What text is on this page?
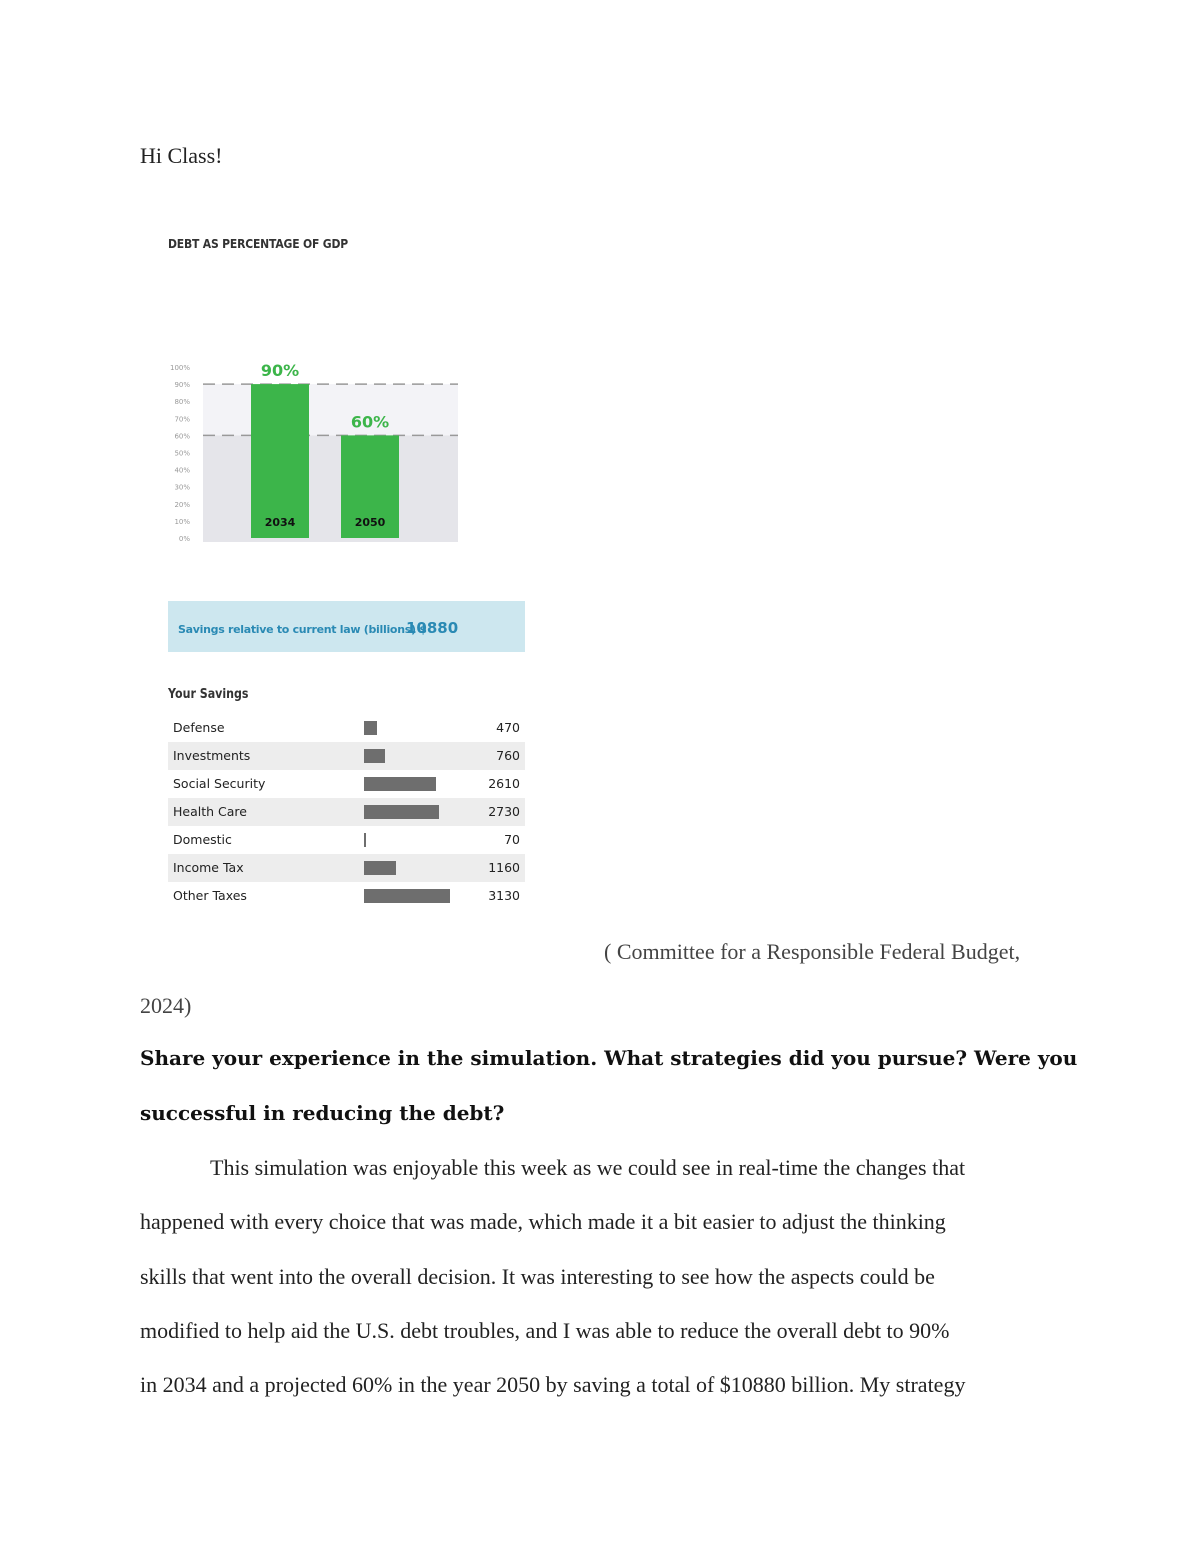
Hi Class!
DEBT AS PERCENTAGE OF GDP
0%
10%
20%
30%
40%
50%
60%
70%
80%
90%
100%
2034
90%
2050
60%
Savings relative to current law (billions) $
10880
Your Savings
Defense	470
Investments	760
Social Security	2610
Health Care	2730
Domestic	70
Income Tax	1160
Other Taxes	3130
( Committee for a Responsible Federal Budget,
2024)
Share your experience in the simulation. What strategies did you pursue? Were you
successful in reducing the debt?
This simulation was enjoyable this week as we could see in real-time the changes that
happened with every choice that was made, which made it a bit easier to adjust the thinking
skills that went into the overall decision. It was interesting to see how the aspects could be
modified to help aid the U.S. debt troubles, and I was able to reduce the overall debt to 90%
in 2034 and a projected 60% in the year 2050 by saving a total of $10880 billion. My strategy
